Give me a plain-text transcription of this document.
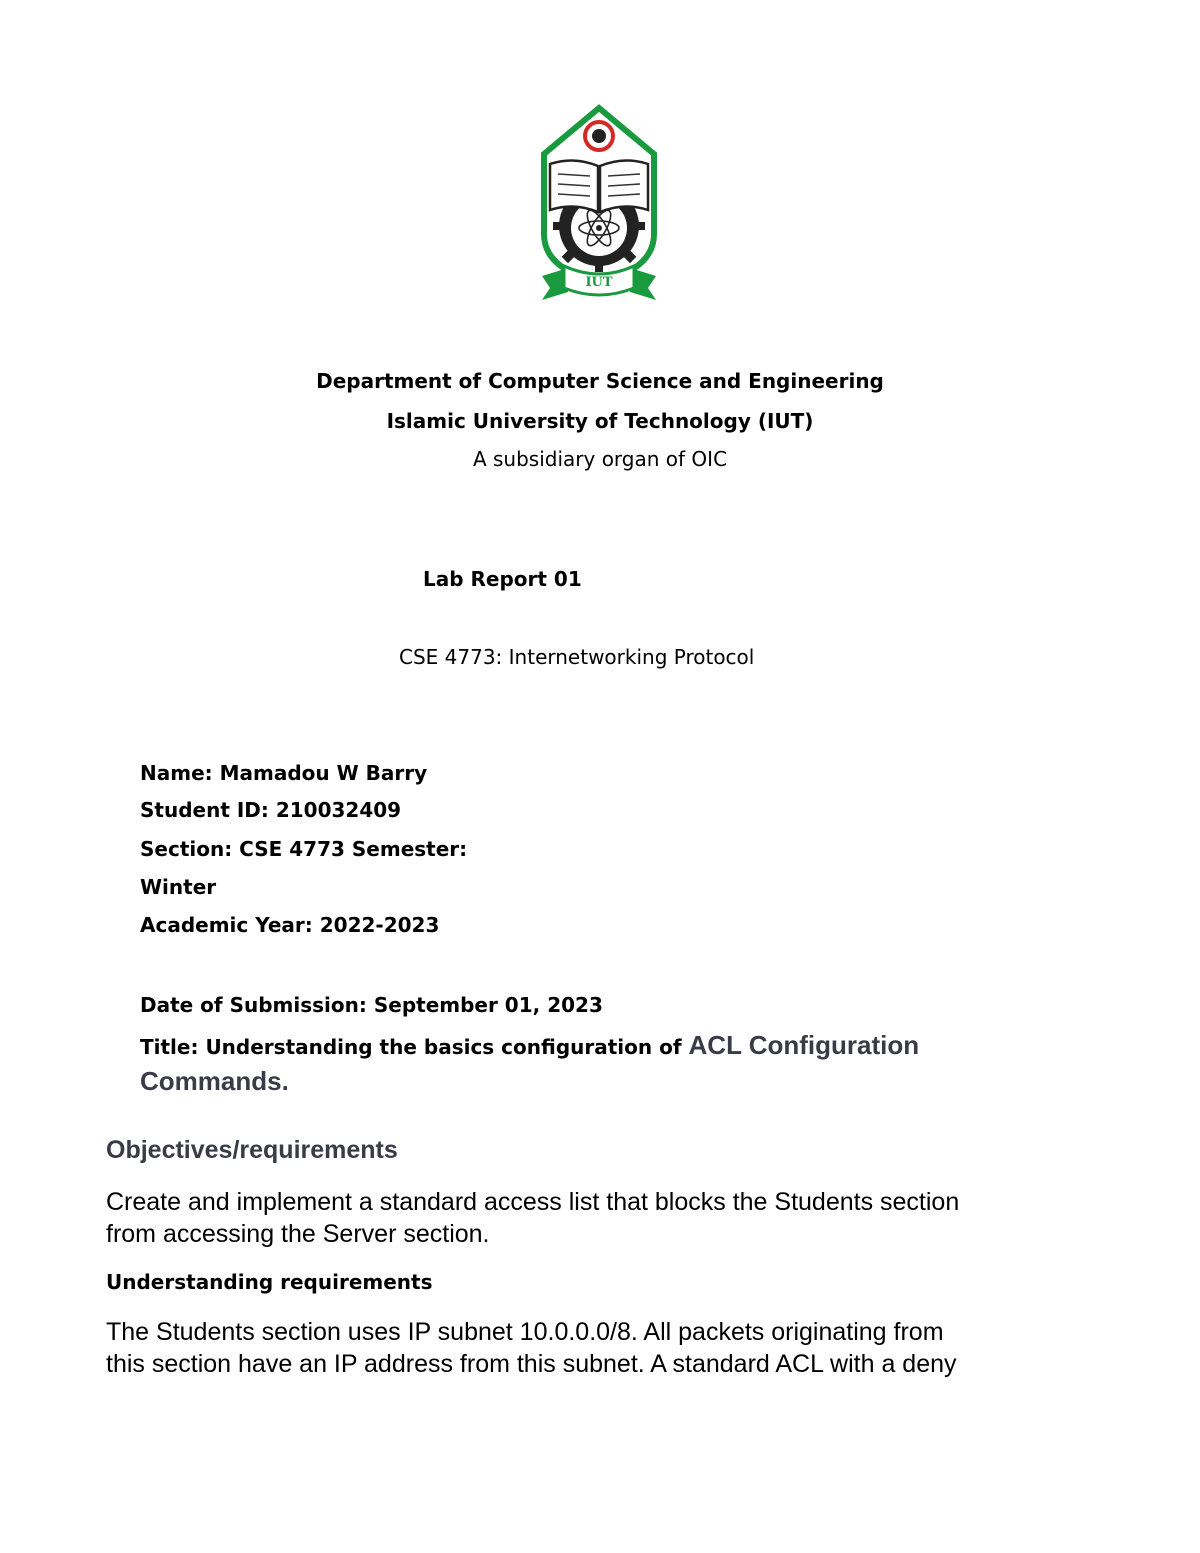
IUT
Department of Computer Science and Engineering
Islamic University of Technology (IUT)
A subsidiary organ of OIC
Lab Report 01
CSE 4773: Internetworking Protocol
Name: Mamadou W Barry
Student ID: 210032409
Section: CSE 4773 Semester:
Winter
Academic Year: 2022-2023
Date of Submission: September 01, 2023
Title: Understanding the basics configuration of ACL Configuration
Commands.
Objectives/requirements
Create and implement a standard access list that blocks the Students section
from accessing the Server section.
Understanding requirements
The Students section uses IP subnet 10.0.0.0/8. All packets originating from
this section have an IP address from this subnet. A standard ACL with a deny
